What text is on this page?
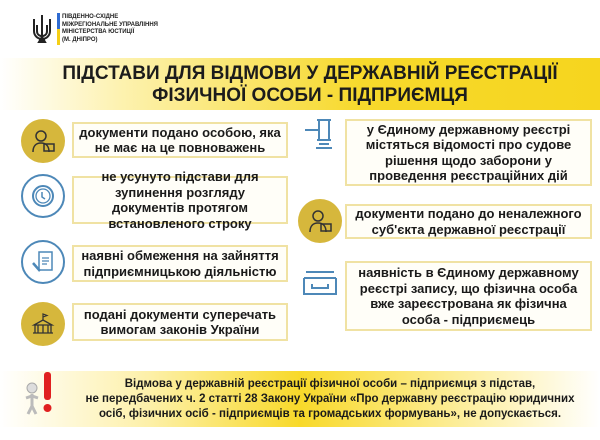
ПІВДЕННО-СХІДНЕ
МІЖРЕГІОНАЛЬНЕ УПРАВЛІННЯ
МІНІСТЕРСТВА ЮСТИЦІЇ
(М. ДНІПРО)
ПІДСТАВИ ДЛЯ ВІДМОВИ У ДЕРЖАВНІЙ РЕЄСТРАЦІЇ
ФІЗИЧНОЇ ОСОБИ - ПІДПРИЄМЦЯ
документи подано особою, яка не має на це повноважень
не усунуто підстави для зупинення розгляду документів протягом встановленого строку
наявні обмеження на зайняття підприємницькою діяльністю
подані документи суперечать вимогам законів України
у Єдиному державному реєстрі містяться відомості про судове рішення щодо заборони у проведення реєстраційних дій
документи подано до неналежного суб'єкта державної реєстрації
наявність в Єдиному державному реєстрі запису, що фізична особа вже зареєстрована як фізична особа - підприємець
Відмова у державній реєстрації фізичної особи – підприємця з підстав,
не передбачених ч. 2 статті 28 Закону України «Про державну реєстрацію юридичних
осіб, фізичних осіб - підприємців та громадських формувань», не допускається.
